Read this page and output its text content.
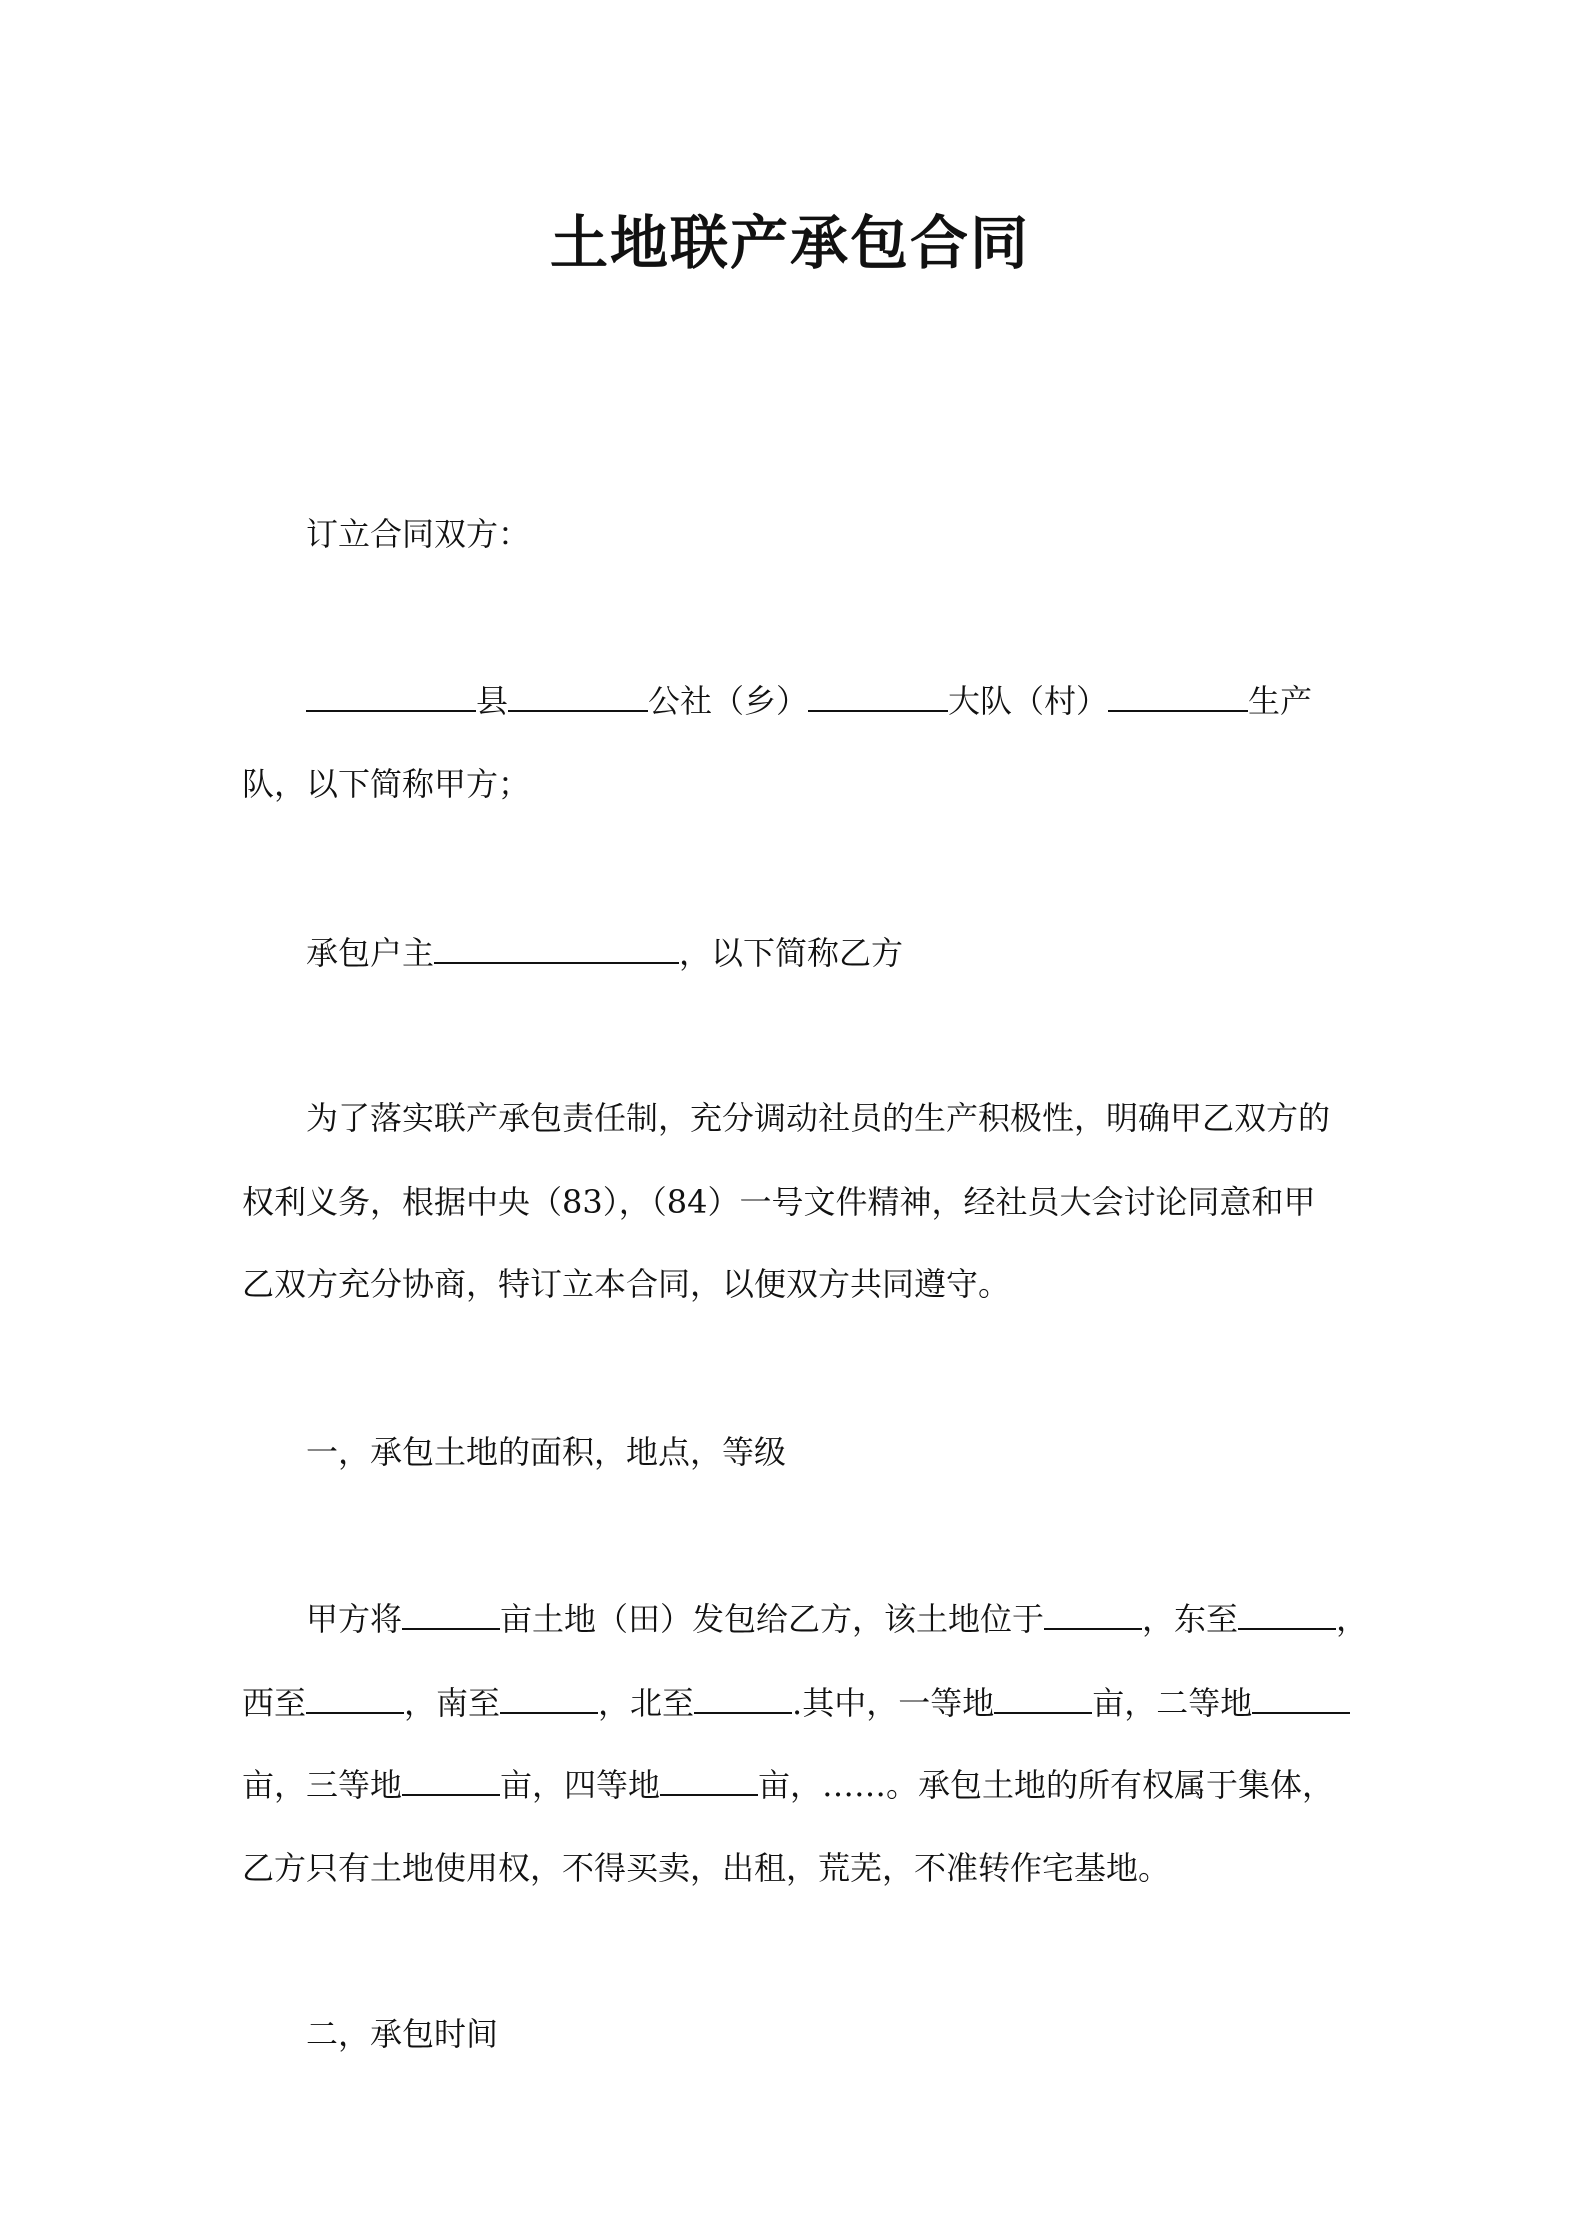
土地联产承包合同
订立合同双方：
县	公社（乡）	大队（村）	生产
队，以下简称甲方；
承包户主	，以下简称乙方
为了落实联产承包责任制，充分调动社员的生产积极性，明确甲乙双方的
权利义务，根据中央（83），（84）一号文件精神，经社员大会讨论同意和甲
乙双方充分协商，特订立本合同，以便双方共同遵守。
一，承包土地的面积，地点，等级
甲方将	亩土地（田）发包给乙方，该土地位于	，东至	，
西至	，南至	，北至	.其中，一等地	亩，二等地
亩，三等地	亩，四等地	亩，……。承包土地的所有权属于集体，
乙方只有土地使用权，不得买卖，出租，荒芜，不准转作宅基地。
二，承包时间
